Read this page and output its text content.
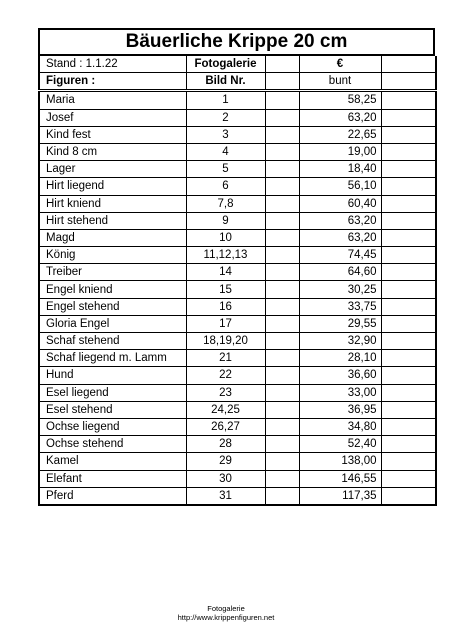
Bäuerliche Krippe 20 cm
Stand : 1.1.22	Fotogalerie		€	
Figuren :	Bild Nr.		bunt	
Maria	1		58,25	
Josef	2		63,20	
Kind fest	3		22,65	
Kind 8 cm	4		19,00	
Lager	5		18,40	
Hirt liegend	6		56,10	
Hirt kniend	7,8		60,40	
Hirt stehend	9		63,20	
Magd	10		63,20	
König	11,12,13		74,45	
Treiber	14		64,60	
Engel kniend	15		30,25	
Engel stehend	16		33,75	
Gloria Engel	17		29,55	
Schaf stehend	18,19,20		32,90	
Schaf liegend m. Lamm	21		28,10	
Hund	22		36,60	
Esel liegend	23		33,00	
Esel stehend	24,25		36,95	
Ochse liegend	26,27		34,80	
Ochse stehend	28		52,40	
Kamel	29		138,00	
Elefant	30		146,55	
Pferd	31		117,35	
Fotogalerie
http://www.krippenfiguren.net
